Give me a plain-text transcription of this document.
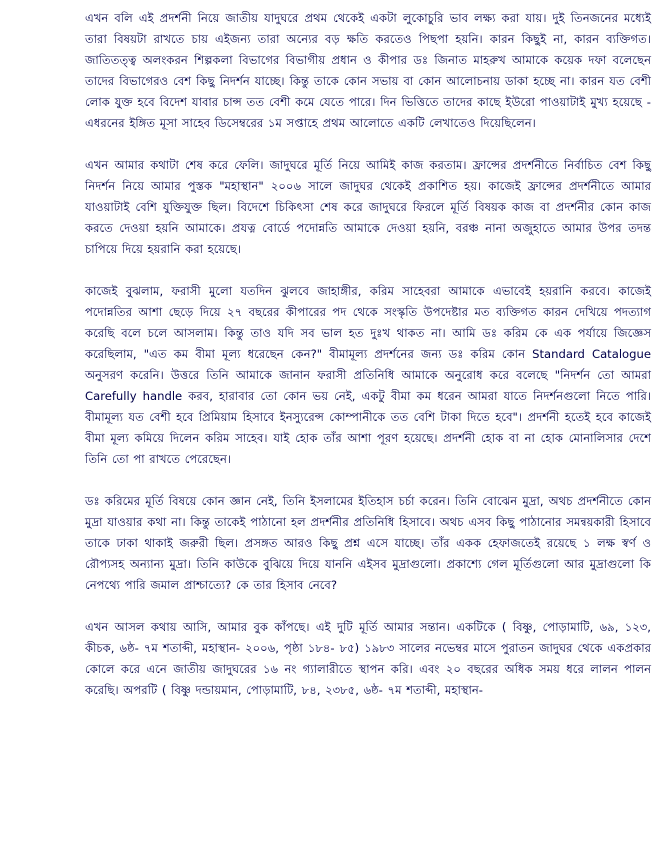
এখন বলি এই প্রদর্শনী নিয়ে জাতীয় যাদুঘরে প্রথম থেকেই একটা লুকোচুরি ভাব লক্ষ্য করা যায়। দুই তিনজনের মধ্যেই তারা বিষয়টা রাখতে চায় এইজন্য তারা অন্যের বড় ক্ষতি করতেও পিছপা হয়নি। কারন কিছুই না, কারন ব্যক্তিগত। জাতিতত্ত্ব অলংকরন শিল্পকলা বিভাগের বিভাগীয় প্রধান ও কীপার ডঃ জিনাত মাহরুখ আমাকে কয়েক দফা বলেছেন তাদের বিভাগেরও বেশ কিছু নিদর্শন যাচ্ছে। কিন্তু তাকে কোন সভায় বা কোন আলোচনায় ডাকা হচ্ছে না। কারন যত বেশী লোক যুক্ত হবে বিদেশ যাবার চান্স তত বেশী কমে যেতে পারে। দিন ভিত্তিতে তাদের কাছে ইউরো পাওয়াটাই মুখ্য হয়েছে - এধরনের ইঙ্গিত মূসা সাহেব ডিসেম্বরের ১ম সপ্তাহে প্রথম আলোতে একটি লেখাতেও দিয়েছিলেন।

এখন আমার কথাটা শেষ করে ফেলি। জাদুঘরে মূর্তি নিয়ে আমিই কাজ করতাম। ফ্রান্সের প্রদর্শনীতে নির্বাচিত বেশ কিছু নিদর্শন নিয়ে আমার পুস্তক "মহাস্থান" ২০০৬ সালে জাদুঘর থেকেই প্রকাশিত হয়। কাজেই ফ্রান্সের প্রদর্শনীতে আমার যাওয়াটাই বেশি যুক্তিযুক্ত ছিল। বিদেশে চিকিৎসা শেষ করে জাদুঘরে ফিরলে মূর্তি বিষয়ক কাজ বা প্রদর্শনীর কোন কাজ করতে দেওয়া হয়নি আমাকে। প্রযত্ন বোর্ডে পদোন্নতি আমাকে দেওয়া হয়নি, বরঞ্চ নানা অজুহাতে আমার উপর তদন্ত চাপিয়ে দিয়ে হয়রানি করা হয়েছে।

কাজেই বুঝলাম, ফরাসী মুলো যতদিন ঝুলবে জাহাঙ্গীর, করিম সাহেবরা আমাকে এভাবেই হয়রানি করবে। কাজেই পদোন্নতির আশা ছেড়ে দিয়ে ২৭ বছরের কীপারের পদ থেকে সংস্কৃতি উপদেষ্টার মত ব্যক্তিগত কারন দেখিয়ে পদত্যাগ করেছি বলে চলে আসলাম। কিন্তু তাও যদি সব ভাল হত দুঃখ থাকত না। আমি ডঃ করিম কে এক পর্যায়ে জিজ্ঞেস করেছিলাম, "এত কম বীমা মূল্য ধরেছেন কেন?" বীমামূল্য প্রদর্শনের জন্য ডঃ করিম কোন Standard Catalogue অনুসরণ করেনি। উত্তরে তিনি আমাকে জানান ফরাসী প্রতিনিধি আমাকে অনুরোধ করে বলেছে "নিদর্শন তো আমরা Carefully handle করব, হারাবার তো কোন ভয় নেই, একটু বীমা কম ধরেন আমরা যাতে নিদর্শনগুলো নিতে পারি। বীমামূল্য যত বেশী হবে প্রিমিয়াম হিসাবে ইনস্যুরেন্স কোম্পানীকে তত বেশি টাকা দিতে হবে"। প্রদর্শনী হতেই হবে কাজেই বীমা মূল্য কমিয়ে দিলেন করিম সাহেব। যাই হোক তাঁর আশা পূরণ হয়েছে। প্রদর্শনী হোক বা না হোক মোনালিসার দেশে তিনি তো পা রাখতে পেরেছেন।

ডঃ করিমের মূর্তি বিষয়ে কোন জ্ঞান নেই, তিনি ইসলামের ইতিহাস চর্চা করেন। তিনি বোঝেন মুদ্রা, অথচ প্রদর্শনীতে কোন মুদ্রা যাওয়ার কথা না। কিন্তু তাকেই পাঠানো হল প্রদর্শনীর প্রতিনিধি হিসাবে। অথচ এসব কিছু পাঠানোর সমন্বয়কারী হিসাবে তাকে ঢাকা থাকাই জরুরী ছিল। প্রসঙ্গত আরও কিছু প্রশ্ন এসে যাচ্ছে। তাঁর একক হেফাজতেই রয়েছে ১ লক্ষ স্বর্ণ ও রৌপ্যসহ অন্যান্য মুদ্রা। তিনি কাউকে বুঝিয়ে দিয়ে যাননি এইসব মুদ্রাগুলো। প্রকাশ্যে গেল মূর্তিগুলো আর মুদ্রাগুলো কি নেপথ্যে পারি জমাল প্রাশ্চাত্যে? কে তার হিসাব নেবে?

এখন আসল কথায় আসি, আমার বুক কাঁপছে। এই দুটি মূর্তি আমার সন্তান। একটিকে ( বিষ্ণু, পোড়ামাটি, ৬৯, ১২৩, কীচক, ৬ষ্ঠ- ৭ম শতাব্দী, মহাস্থান- ২০০৬, পৃষ্ঠা ১৮৪- ৮৫) ১৯৮৩ সালের নভেম্বর মাসে পুরাতন জাদুঘর থেকে একপ্রকার কোলে করে এনে জাতীয় জাদুঘরের ১৬ নং গ্যালারীতে স্থাপন করি। এবং ২০ বছরের অধিক সময় ধরে লালন পালন করেছি। অপরটি ( বিষ্ণু দন্ডায়মান, পোড়ামাটি, ৮৪, ২৩৮৫, ৬ষ্ঠ- ৭ম শতাব্দী, মহাস্থান-
